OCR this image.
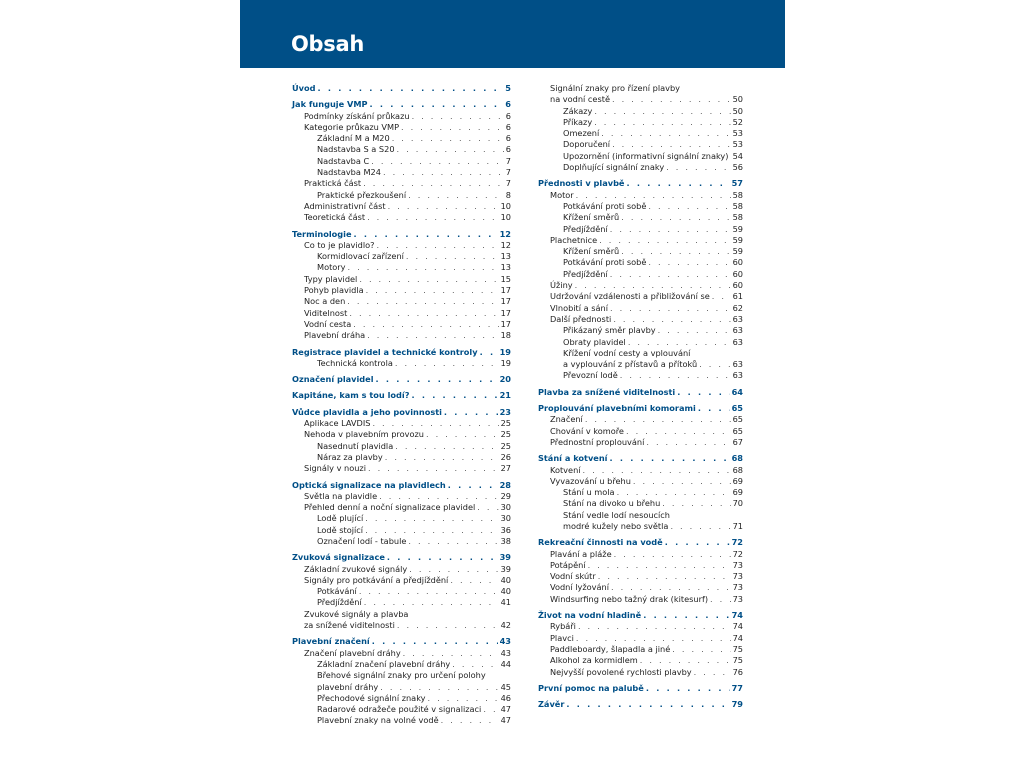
Obsah
Úvod . . .	5
Jak funguje VMP . . .	6
Podmínky získání průkazu . . .	6
Kategorie průkazu VMP . . .	6
Základní M a M20 . . .	6
Nadstavba S a S20 . . .	6
Nadstavba C . . .	7
Nadstavba M24 . . .	7
Praktická část . . .	7
Praktické přezkoušení . . .	8
Administrativní část . . .	10
Teoretická část . . .	10
Terminologie . . .	12
Co to je plavidlo? . . .	12
Kormidlovací zařízení . . .	13
Motory . . .	13
Typy plavidel . . .	15
Pohyb plavidla . . .	17
Noc a den . . .	17
Viditelnost . . .	17
Vodní cesta . . .	17
Plavební dráha . . .	18
Registrace plavidel a technické kontroly . . .	19
Technická kontrola . . .	19
Označení plavidel . . .	20
Kapitáne, kam s tou lodí? . . .	21
Vůdce plavidla a jeho povinnosti . . .	23
Aplikace LAVDIS . . .	25
Nehoda v plavebním provozu . . .	25
Nasednutí plavidla . . .	25
Náraz za plavby . . .	26
Signály v nouzi . . .	27
Optická signalizace na plavidlech . . .	28
Světla na plavidle . . .	29
Přehled denní a noční signalizace plavidel . . .	30
Lodě plující . . .	30
Lodě stojící . . .	36
Označení lodí - tabule . . .	38
Zvuková signalizace . . .	39
Základní zvukové signály . . .	39
Signály pro potkávání a předjíždění . . .	40
Potkávání . . .	40
Předjíždění . . .	41
Zvukové signály a plavba
za snížené viditelnosti . . .	42
Plavební značení . . .	43
Značení plavební dráhy . . .	43
Základní značení plavební dráhy . . .	44
Břehové signální znaky pro určení polohy
plavební dráhy . . .	45
Přechodové signální znaky . . .	46
Radarové odražeče použité v signalizaci . . . 47
Plavební znaky na volné vodě . . .	47
Signální znaky pro řízení plavby
na vodní cestě . . .	50
Zákazy . . .	50
Příkazy . . .	52
Omezení . . .	53
Doporučení . . .	53
Upozornění (informativní signální znaky) . . . 54
Doplňující signální znaky . . .	56
Přednosti v plavbě . . .	57
Motor . . .	58
Potkávání proti sobě . . .	58
Křížení směrů . . .	58
Předjíždění . . .	59
Plachetnice . . .	59
Křížení směrů . . .	59
Potkávání proti sobě . . .	60
Předjíždění . . .	60
Úžiny . . .	60
Udržování vzdálenosti a přibližování se . . .	61
Vlnobití a sání . . .	62
Další přednosti . . .	63
Přikázaný směr plavby . . .	63
Obraty plavidel . . .	63
Křížení vodní cesty a vplouvání
a vyplouvání z přístavů a přítoků . . .	63
Převozní lodě . . .	63
Plavba za snížené viditelnosti . . .	64
Proplouvání plavebními komorami . . .	65
Značení . . .	65
Chování v komoře . . .	65
Přednostní proplouvání . . .	67
Stání a kotvení . . .	68
Kotvení . . .	68
Vyvazování u břehu . . .	69
Stání u mola . . .	69
Stání na divoko u břehu . . .	70
Stání vedle lodí nesoucích
modré kužely nebo světla . . .	71
Rekreační činnosti na vodě . . .	72
Plavání a pláže . . .	72
Potápění . . .	73
Vodní skútr . . .	73
Vodní lyžování . . .	73
Windsurfing nebo tažný drak (kitesurf) . . .	73
Život na vodní hladině . . .	74
Rybáři . . .	74
Plavci . . .	74
Paddleboardy, šlapadla a jiné . . .	75
Alkohol za kormidlem . . .	75
Nejvyšší povolené rychlosti plavby . . .	76
První pomoc na palubě . . .	77
Závěr . . .	79
